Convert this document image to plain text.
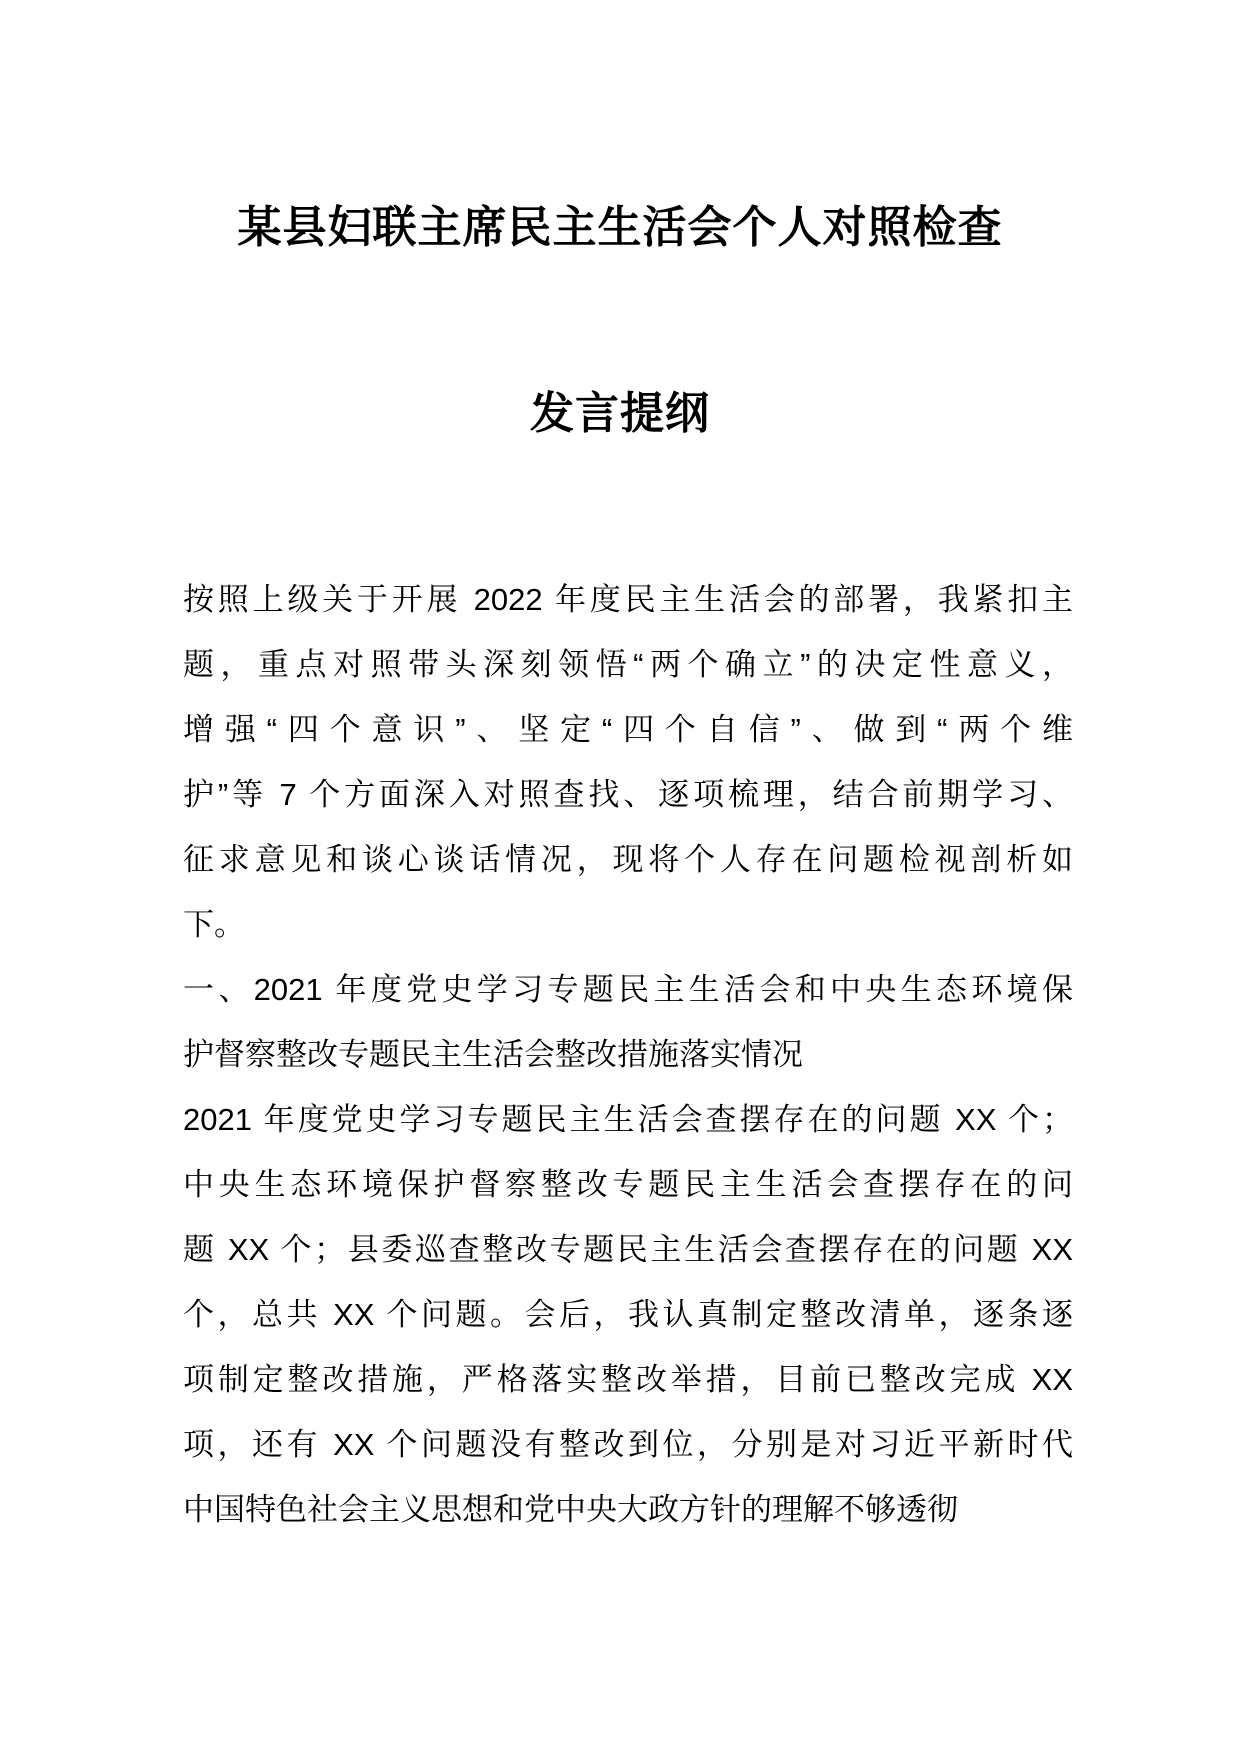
某县妇联主席民主生活会个人对照检查
发言提纲
按照上级关于开展 2022 年度民主生活会的部署，我紧扣主
题，重点对照带头深刻领悟“两个确立”的决定性意义，
增强“四个意识”、坚定“四个自信”、做到“两个维
护”等 7 个方面深入对照查找、逐项梳理，结合前期学习、
征求意见和谈心谈话情况，现将个人存在问题检视剖析如
下。
一、2021 年度党史学习专题民主生活会和中央生态环境保
护督察整改专题民主生活会整改措施落实情况
2021 年度党史学习专题民主生活会查摆存在的问题 XX 个；
中央生态环境保护督察整改专题民主生活会查摆存在的问
题 XX 个；县委巡查整改专题民主生活会查摆存在的问题 XX
个，总共 XX 个问题。会后，我认真制定整改清单，逐条逐
项制定整改措施，严格落实整改举措，目前已整改完成 XX
项，还有 XX 个问题没有整改到位，分别是对习近平新时代
中国特色社会主义思想和党中央大政方针的理解不够透彻
